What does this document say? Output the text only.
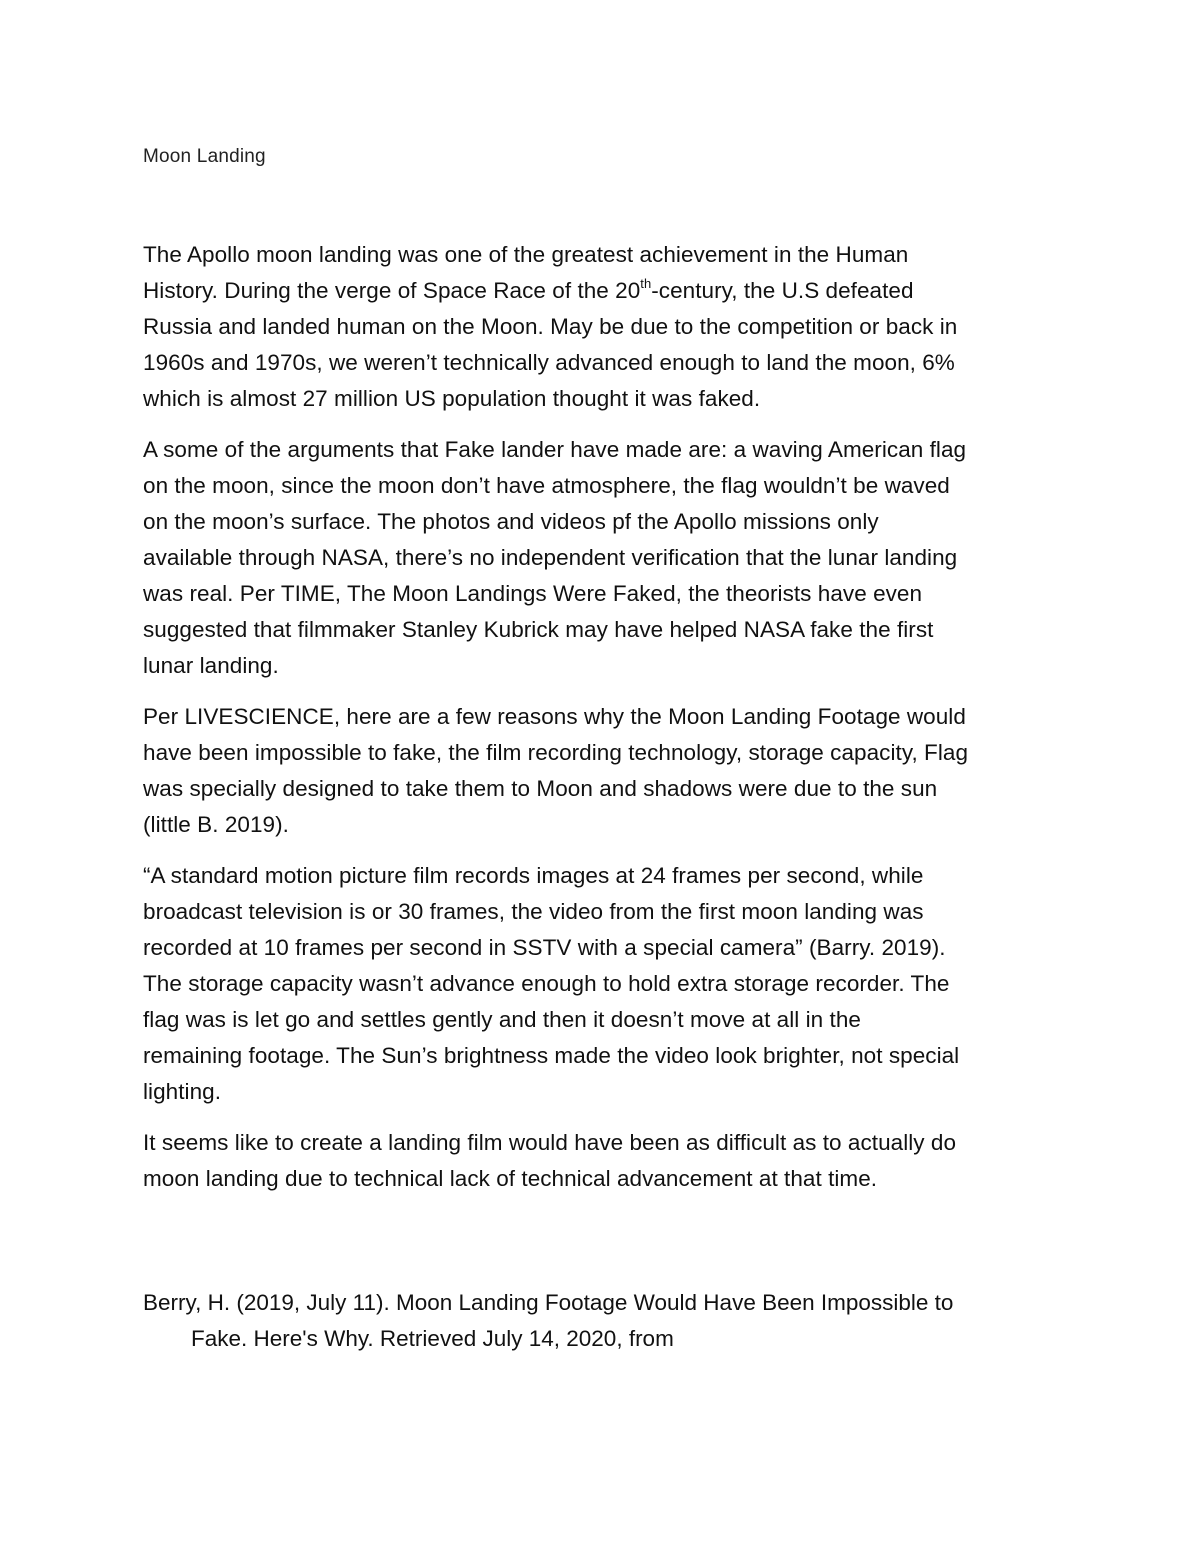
Moon Landing

The Apollo moon landing was one of the greatest achievement in the Human
History. During the verge of Space Race of the 20th-century, the U.S defeated
Russia and landed human on the Moon. May be due to the competition or back in
1960s and 1970s, we weren’t technically advanced enough to land the moon, 6%
which is almost 27 million US population thought it was faked.

A some of the arguments that Fake lander have made are: a waving American flag
on the moon, since the moon don’t have atmosphere, the flag wouldn’t be waved
on the moon’s surface. The photos and videos pf the Apollo missions only
available through NASA, there’s no independent verification that the lunar landing
was real. Per TIME, The Moon Landings Were Faked, the theorists have even
suggested that filmmaker Stanley Kubrick may have helped NASA fake the first
lunar landing.

Per LIVESCIENCE, here are a few reasons why the Moon Landing Footage would
have been impossible to fake, the film recording technology, storage capacity, Flag
was specially designed to take them to Moon and shadows were due to the sun
(little B. 2019).

“A standard motion picture film records images at 24 frames per second, while
broadcast television is or 30 frames, the video from the first moon landing was
recorded at 10 frames per second in SSTV with a special camera” (Barry. 2019).
The storage capacity wasn’t advance enough to hold extra storage recorder. The
flag was is let go and settles gently and then it doesn’t move at all in the
remaining footage. The Sun’s brightness made the video look brighter, not special
lighting.

It seems like to create a landing film would have been as difficult as to actually do
moon landing due to technical lack of technical advancement at that time.

Berry, H. (2019, July 11). Moon Landing Footage Would Have Been Impossible to
Fake. Here's Why. Retrieved July 14, 2020, from
